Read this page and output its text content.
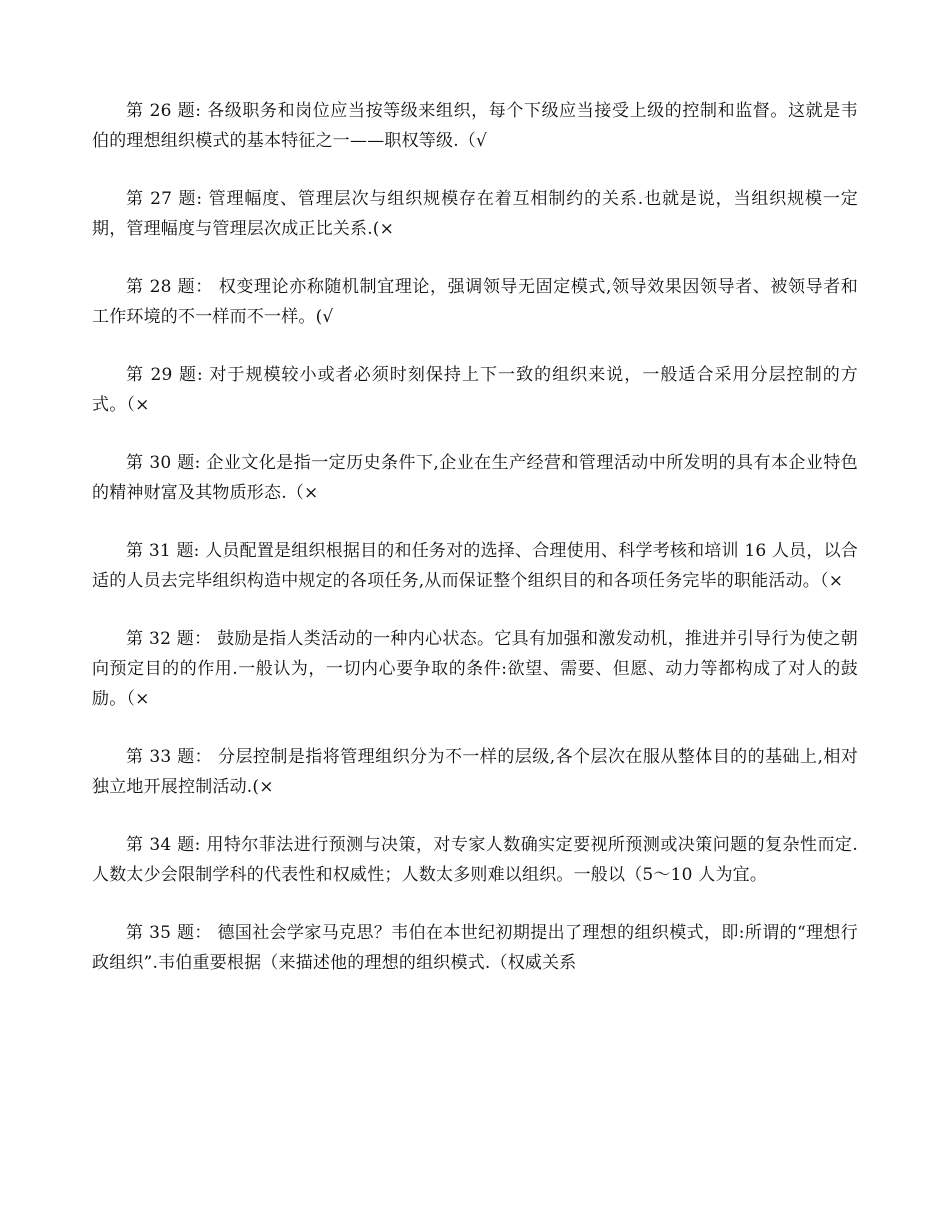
第 26 题: 各级职务和岗位应当按等级来组织，每个下级应当接受上级的控制和监督。这就是韦伯的理想组织模式的基本特征之一——职权等级.（√

第 27 题: 管理幅度、管理层次与组织规模存在着互相制约的关系.也就是说，当组织规模一定期，管理幅度与管理层次成正比关系.(×

第 28 题： 权变理论亦称随机制宜理论，强调领导无固定模式,领导效果因领导者、被领导者和工作环境的不一样而不一样。(√

第 29 题: 对于规模较小或者必须时刻保持上下一致的组织来说，一般适合采用分层控制的方式。（×

第 30 题: 企业文化是指一定历史条件下,企业在生产经营和管理活动中所发明的具有本企业特色的精神财富及其物质形态.（×

第 31 题: 人员配置是组织根据目的和任务对的选择、合理使用、科学考核和培训 16 人员，以合适的人员去完毕组织构造中规定的各项任务,从而保证整个组织目的和各项任务完毕的职能活动。（×

第 32 题： 鼓励是指人类活动的一种内心状态。它具有加强和激发动机，推进并引导行为使之朝向预定目的的作用.一般认为，一切内心要争取的条件:欲望、需要、但愿、动力等都构成了对人的鼓励。（×

第 33 题： 分层控制是指将管理组织分为不一样的层级,各个层次在服从整体目的的基础上,相对独立地开展控制活动.(×

第 34 题: 用特尔菲法进行预测与决策，对专家人数确实定要视所预测或决策问题的复杂性而定.人数太少会限制学科的代表性和权威性；人数太多则难以组织。一般以（5～10 人为宜。

第 35 题： 德国社会学家马克思？韦伯在本世纪初期提出了理想的组织模式，即:所谓的“理想行政组织”.韦伯重要根据（来描述他的理想的组织模式.（权威关系
